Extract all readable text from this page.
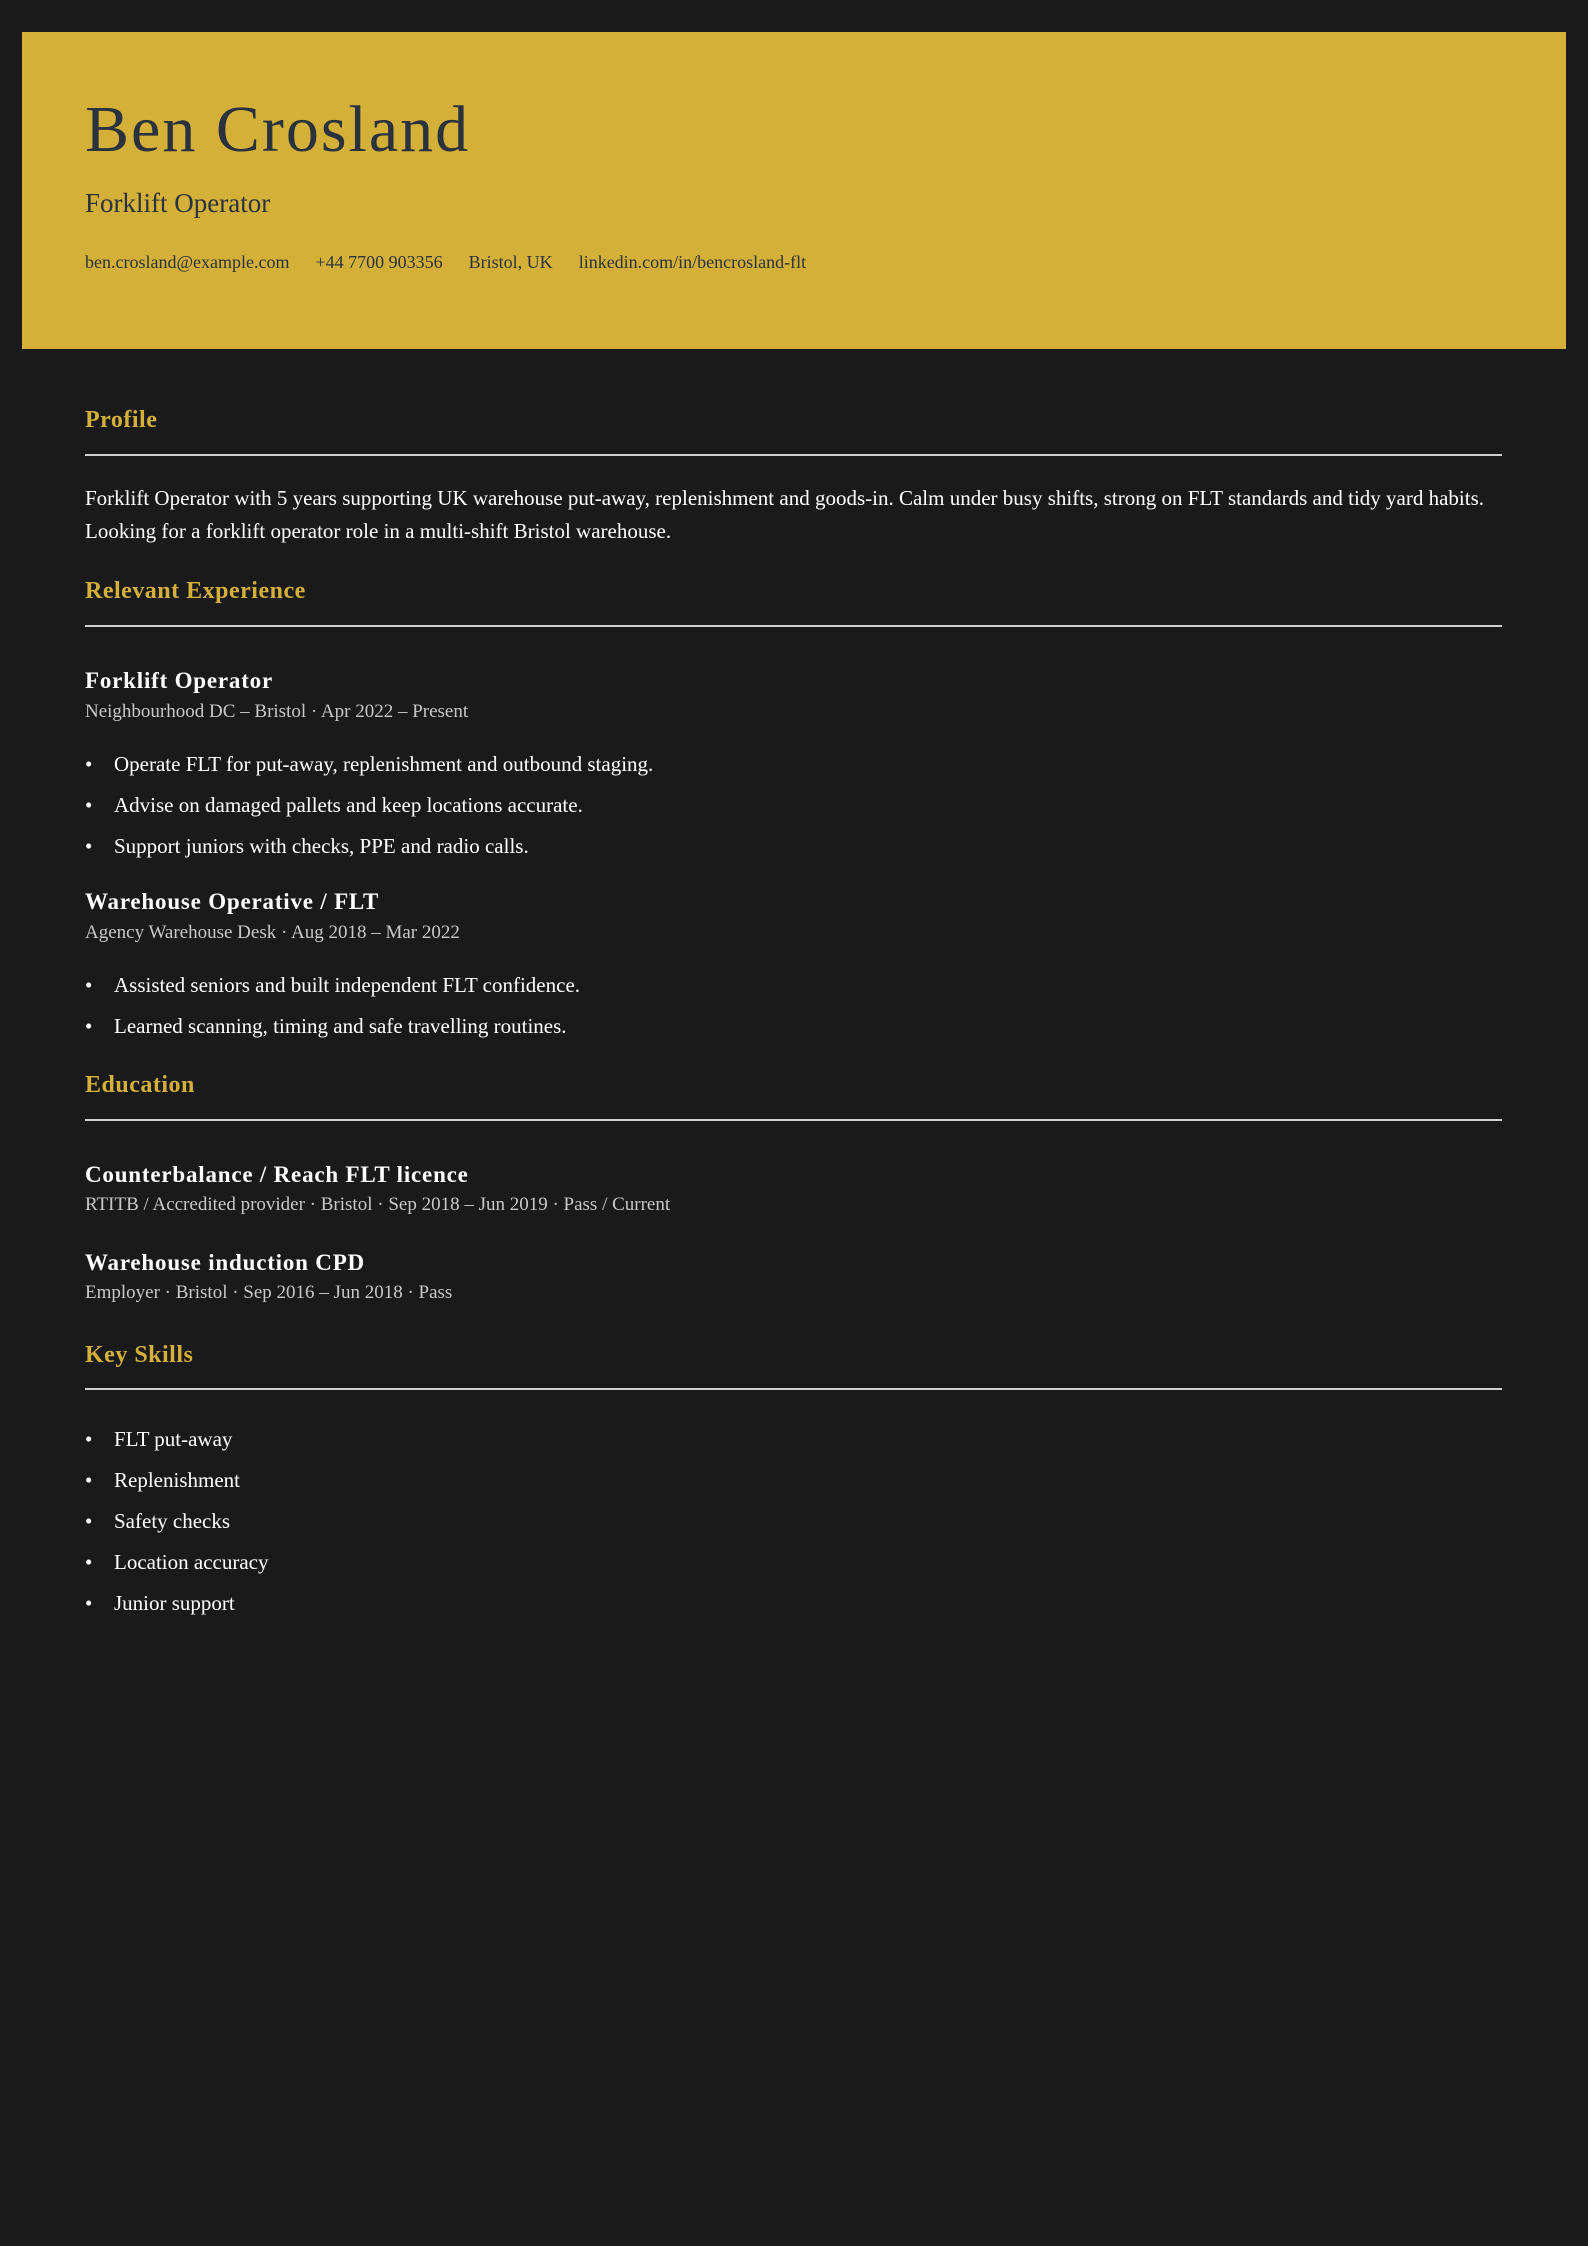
Ben Crosland
Forklift Operator
ben.crosland@example.com +44 7700 903356 Bristol, UK linkedin.com/in/bencrosland-flt
Profile

Forklift Operator with 5 years supporting UK warehouse put-away, replenishment and goods-in. Calm under busy shifts, strong on FLT standards and tidy yard habits. Looking for a forklift operator role in a multi-shift Bristol warehouse.

Relevant Experience
Forklift Operator
Neighbourhood DC – Bristol · Apr 2022 – Present
• Operate FLT for put-away, replenishment and outbound staging.
• Advise on damaged pallets and keep locations accurate.
• Support juniors with checks, PPE and radio calls.
Warehouse Operative / FLT
Agency Warehouse Desk · Aug 2018 – Mar 2022
• Assisted seniors and built independent FLT confidence.
• Learned scanning, timing and safe travelling routines.
Education
Counterbalance / Reach FLT licence
RTITB / Accredited provider · Bristol · Sep 2018 – Jun 2019 · Pass / Current
Warehouse induction CPD
Employer · Bristol · Sep 2016 – Jun 2018 · Pass
Key Skills
• FLT put-away
• Replenishment
• Safety checks
• Location accuracy
• Junior support
